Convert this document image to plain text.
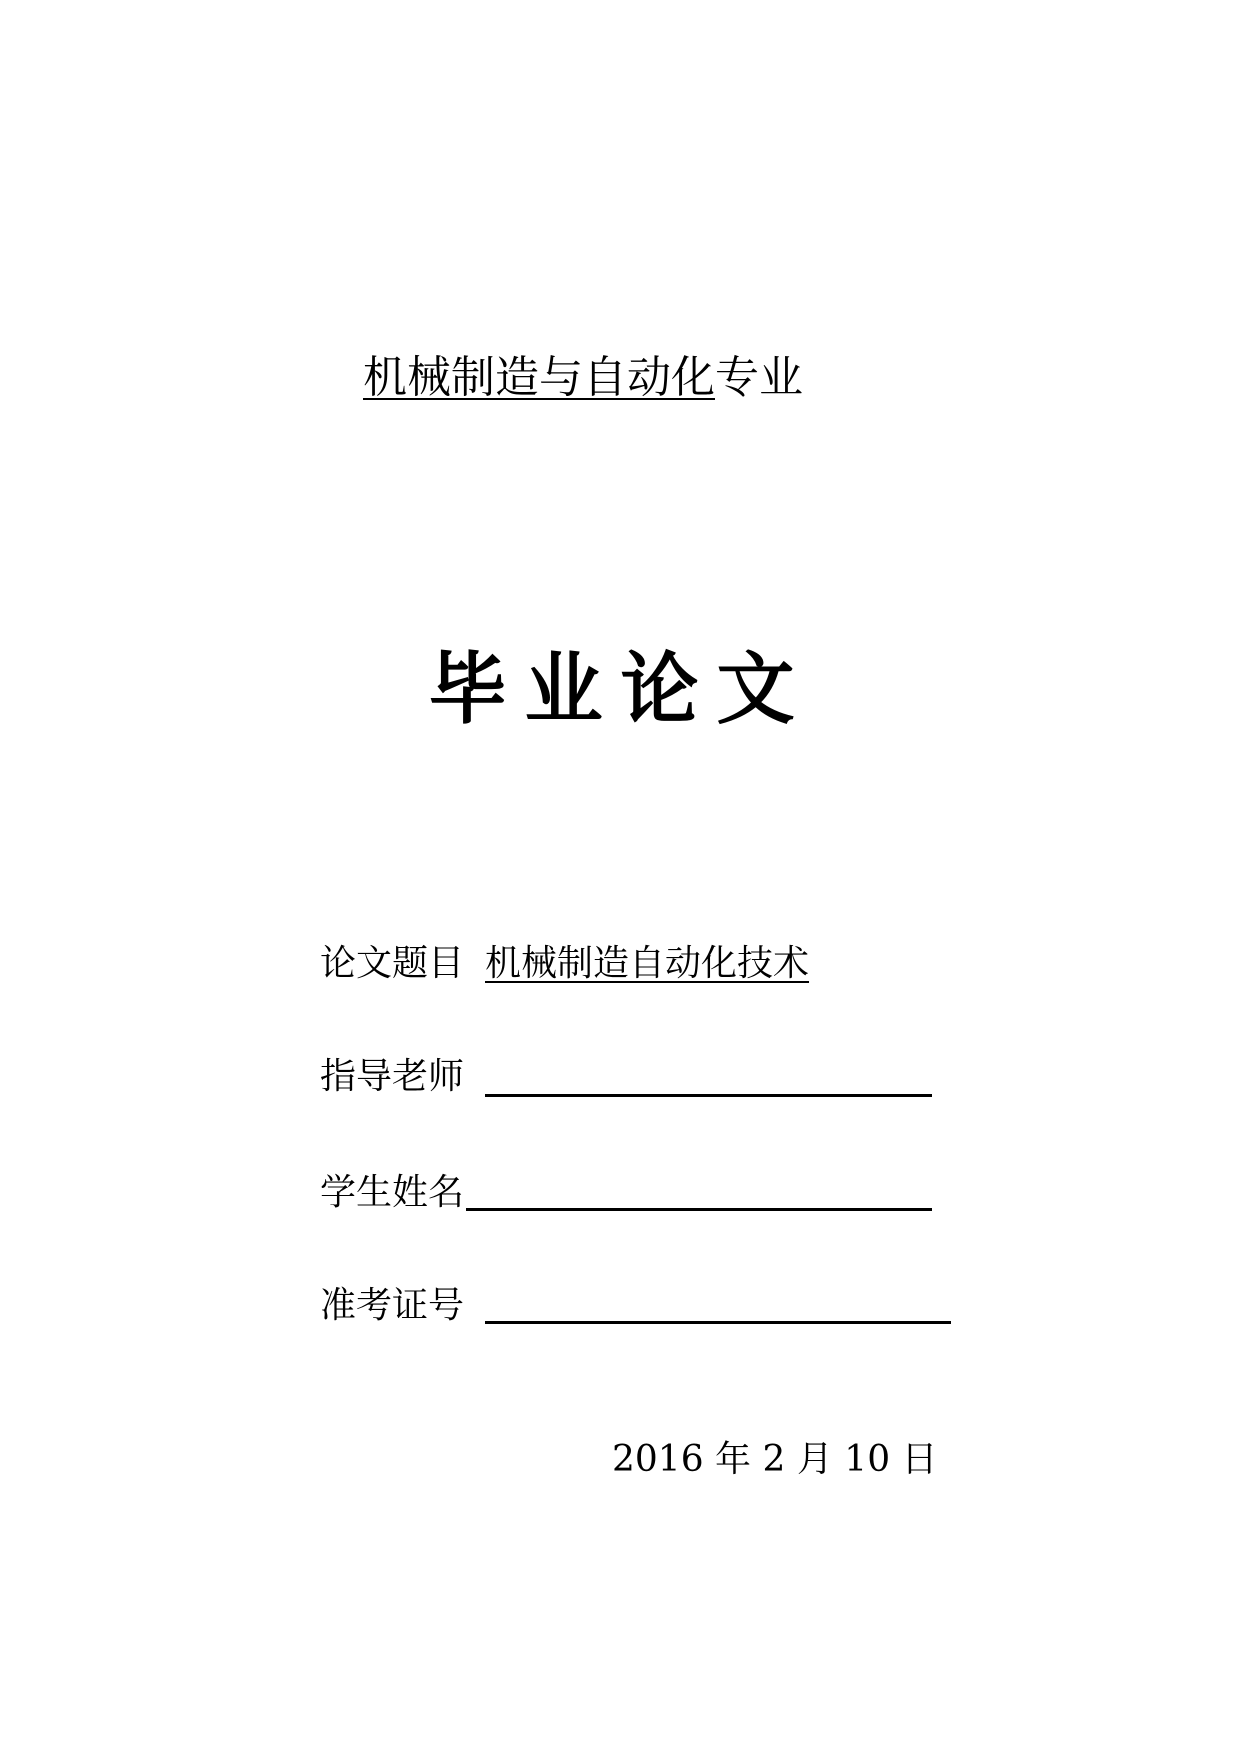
机械制造与自动化专业
毕业论文
论文题目 机械制造自动化技术
指导老师
学生姓名
准考证号
2016 年 2 月 10 日
